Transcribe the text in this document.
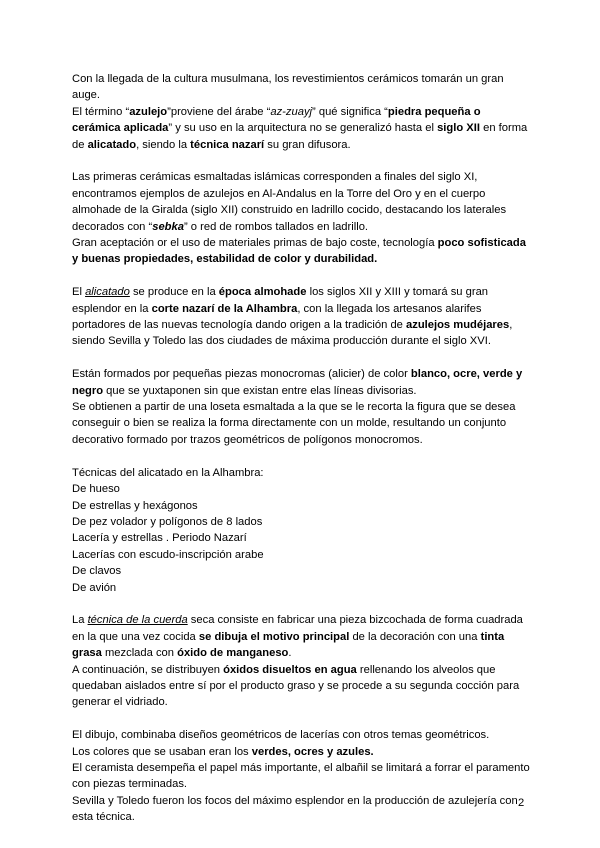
Con la llegada de la cultura musulmana, los revestimientos cerámicos tomarán un gran auge.

El término “azulejo”proviene del árabe “az-zuayj” qué significa “piedra pequeña o cerámica aplicada” y su uso en la arquitectura no se generalizó hasta el siglo XII en forma de alicatado, siendo la técnica nazarí su gran difusora.

Las primeras cerámicas esmaltadas islámicas corresponden a finales del siglo XI, encontramos ejemplos de azulejos en Al-Andalus en la Torre del Oro y en el cuerpo almohade de la Giralda (siglo XII) construido en ladrillo cocido, destacando los laterales decorados con “sebka” o red de rombos tallados en ladrillo.

Gran aceptación or el uso de materiales primas de bajo coste, tecnología poco sofisticada y buenas propiedades, estabilidad de color y durabilidad.

El alicatado se produce en la época almohade los siglos XII y XIII y tomará su gran esplendor en la corte nazarí de la Alhambra, con la llegada los artesanos alarifes portadores de las nuevas tecnología dando origen a la tradición de azulejos mudéjares, siendo Sevilla y Toledo las dos ciudades de máxima producción durante el siglo XVI.

Están formados por pequeñas piezas monocromas (alicier) de color blanco, ocre, verde y negro que se yuxtaponen sin que existan entre elas líneas divisorias.

Se obtienen a partir de una loseta esmaltada a la que se le recorta la figura que se desea conseguir o bien se realiza la forma directamente con un molde, resultando un conjunto decorativo formado por trazos geométricos de polígonos monocromos.

Técnicas del alicatado en la Alhambra:

De hueso

De estrellas y hexágonos

De pez volador y polígonos de 8 lados

Lacería y estrellas . Periodo Nazarí

Lacerías con escudo-inscripción arabe

De clavos

De avión

La técnica de la cuerda seca consiste en fabricar una pieza bizcochada de forma cuadrada en la que una vez cocida se dibuja el motivo principal de la decoración con una tinta grasa mezclada con óxido de manganeso.

A continuación, se distribuyen óxidos disueltos en agua rellenando los alveolos que quedaban aislados entre sí por el producto graso y se procede a su segunda cocción para generar el vidriado.

El dibujo, combinaba diseños geométricos de lacerías con otros temas geométricos.

Los colores que se usaban eran los verdes, ocres y azules.

El ceramista desempeña el papel más importante, el albañil se limitará a forrar el paramento con piezas terminadas.

Sevilla y Toledo fueron los focos del máximo esplendor en la producción de azulejería con esta técnica.

2
